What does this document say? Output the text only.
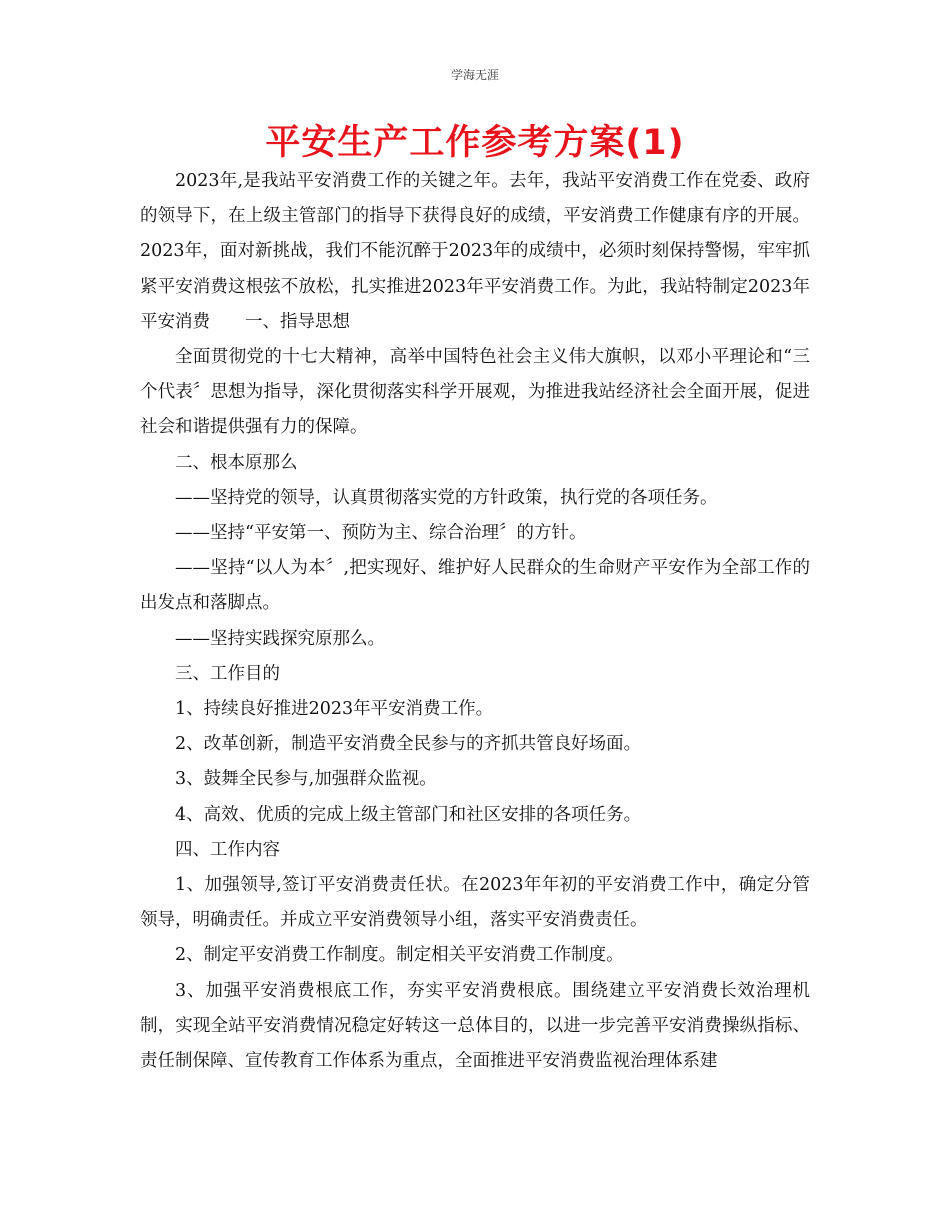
学海无涯
平安生产工作参考方案(1)

2023年,是我站平安消费工作的关键之年。去年，我站平安消费工作在党委、政府的领导下，在上级主管部门的指导下获得良好的成绩，平安消费工作健康有序的开展。2023年，面对新挑战，我们不能沉醉于2023年的成绩中，必须时刻保持警惕，牢牢抓紧平安消费这根弦不放松，扎实推进2023年平安消费工作。为此，我站特制定2023年平安消费　　一、指导思想

全面贯彻党的十七大精神，高举中国特色社会主义伟大旗帜，以邓小平理论和“三个代表〞思想为指导，深化贯彻落实科学开展观，为推进我站经济社会全面开展，促进社会和谐提供强有力的保障。

二、根本原那么

——坚持党的领导，认真贯彻落实党的方针政策，执行党的各项任务。

——坚持“平安第一、预防为主、综合治理〞的方针。

——坚持“以人为本〞,把实现好、维护好人民群众的生命财产平安作为全部工作的出发点和落脚点。

——坚持实践探究原那么。

三、工作目的

1、持续良好推进2023年平安消费工作。

2、改革创新，制造平安消费全民参与的齐抓共管良好场面。

3、鼓舞全民参与,加强群众监视。

4、高效、优质的完成上级主管部门和社区安排的各项任务。

四、工作内容

1、加强领导,签订平安消费责任状。在2023年年初的平安消费工作中，确定分管领导，明确责任。并成立平安消费领导小组，落实平安消费责任。

2、制定平安消费工作制度。制定相关平安消费工作制度。

3、加强平安消费根底工作，夯实平安消费根底。围绕建立平安消费长效治理机制，实现全站平安消费情况稳定好转这一总体目的，以进一步完善平安消费操纵指标、责任制保障、宣传教育工作体系为重点，全面推进平安消费监视治理体系建
